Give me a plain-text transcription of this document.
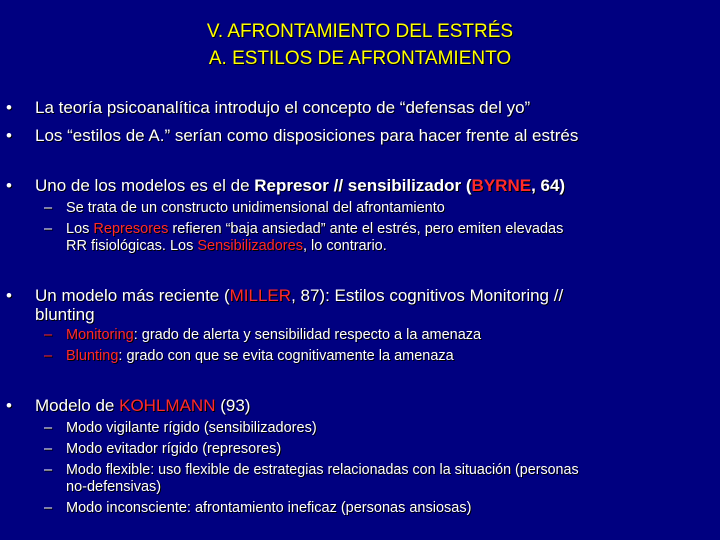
V. AFRONTAMIENTO DEL ESTRÉS
A. ESTILOS DE AFRONTAMIENTO
•	La teoría psicoanalítica introdujo el concepto de “defensas del yo”
•	Los “estilos de A.” serían como disposiciones para hacer frente al estrés
•	Uno de los modelos es el de Represor // sensibilizador (BYRNE, 64)
– Se trata de un constructo unidimensional del afrontamiento
– Los Represores refieren “baja ansiedad” ante el estrés, pero emiten elevadas
RR fisiológicas. Los Sensibilizadores, lo contrario.
•	Un modelo más reciente (MILLER, 87): Estilos cognitivos Monitoring //
blunting
– Monitoring: grado de alerta y sensibilidad respecto a la amenaza
– Blunting: grado con que se evita cognitivamente la amenaza
•	Modelo de KOHLMANN (93)
– Modo vigilante rígido (sensibilizadores)
– Modo evitador rígido (represores)
– Modo flexible: uso flexible de estrategias relacionadas con la situación (personas
no-defensivas)
– Modo inconsciente: afrontamiento ineficaz (personas ansiosas)
